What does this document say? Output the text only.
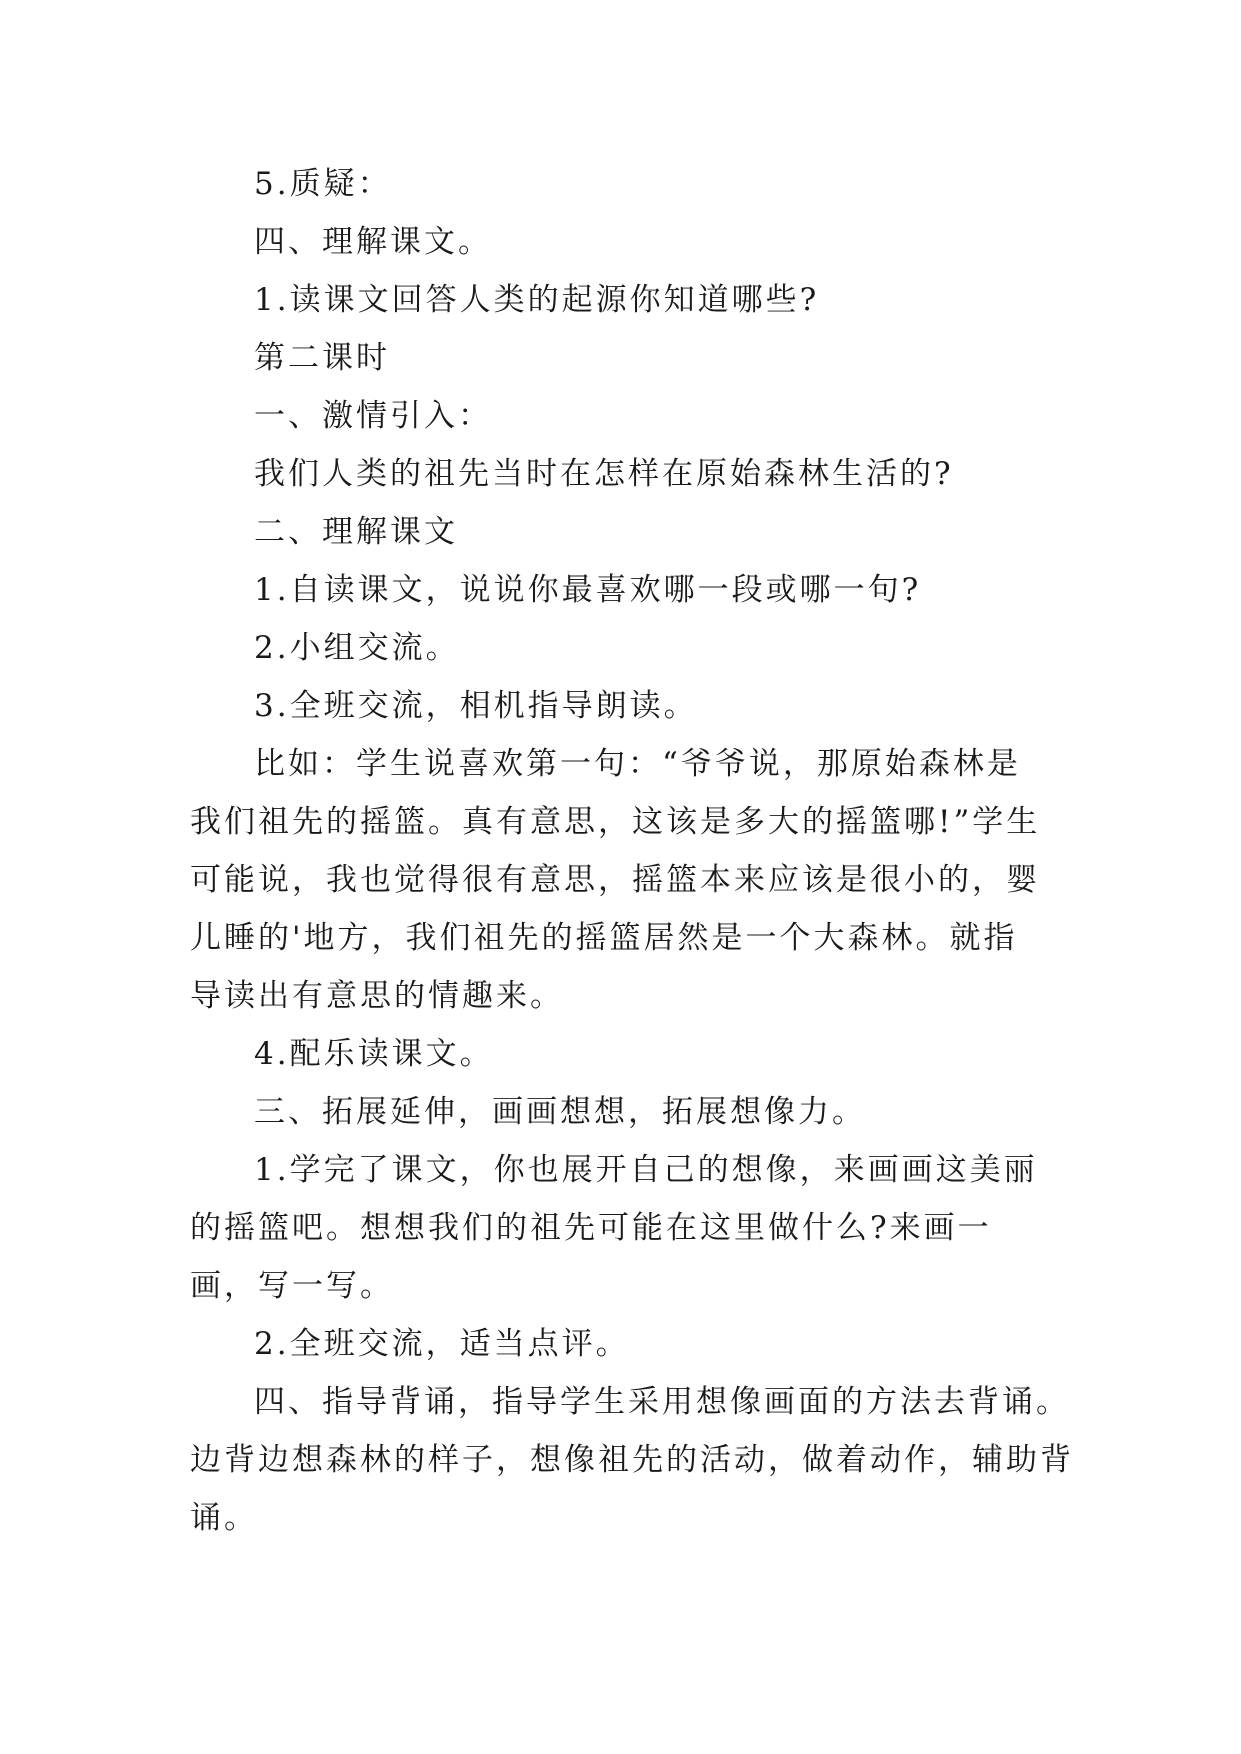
5.质疑：

四、理解课文。

1.读课文回答人类的起源你知道哪些?

第二课时

一、激情引入：

我们人类的祖先当时在怎样在原始森林生活的?

二、理解课文

1.自读课文，说说你最喜欢哪一段或哪一句?

2.小组交流。

3.全班交流，相机指导朗读。

比如：学生说喜欢第一句：“爷爷说，那原始森林是我们祖先的摇篮。真有意思，这该是多大的摇篮哪!”学生可能说，我也觉得很有意思，摇篮本来应该是很小的，婴儿睡的'地方，我们祖先的摇篮居然是一个大森林。就指导读出有意思的情趣来。

4.配乐读课文。

三、拓展延伸，画画想想，拓展想像力。

1.学完了课文，你也展开自己的想像，来画画这美丽的摇篮吧。想想我们的祖先可能在这里做什么?来画一画，写一写。

2.全班交流，适当点评。

四、指导背诵，指导学生采用想像画面的方法去背诵。边背边想森林的样子，想像祖先的活动，做着动作，辅助背诵。
